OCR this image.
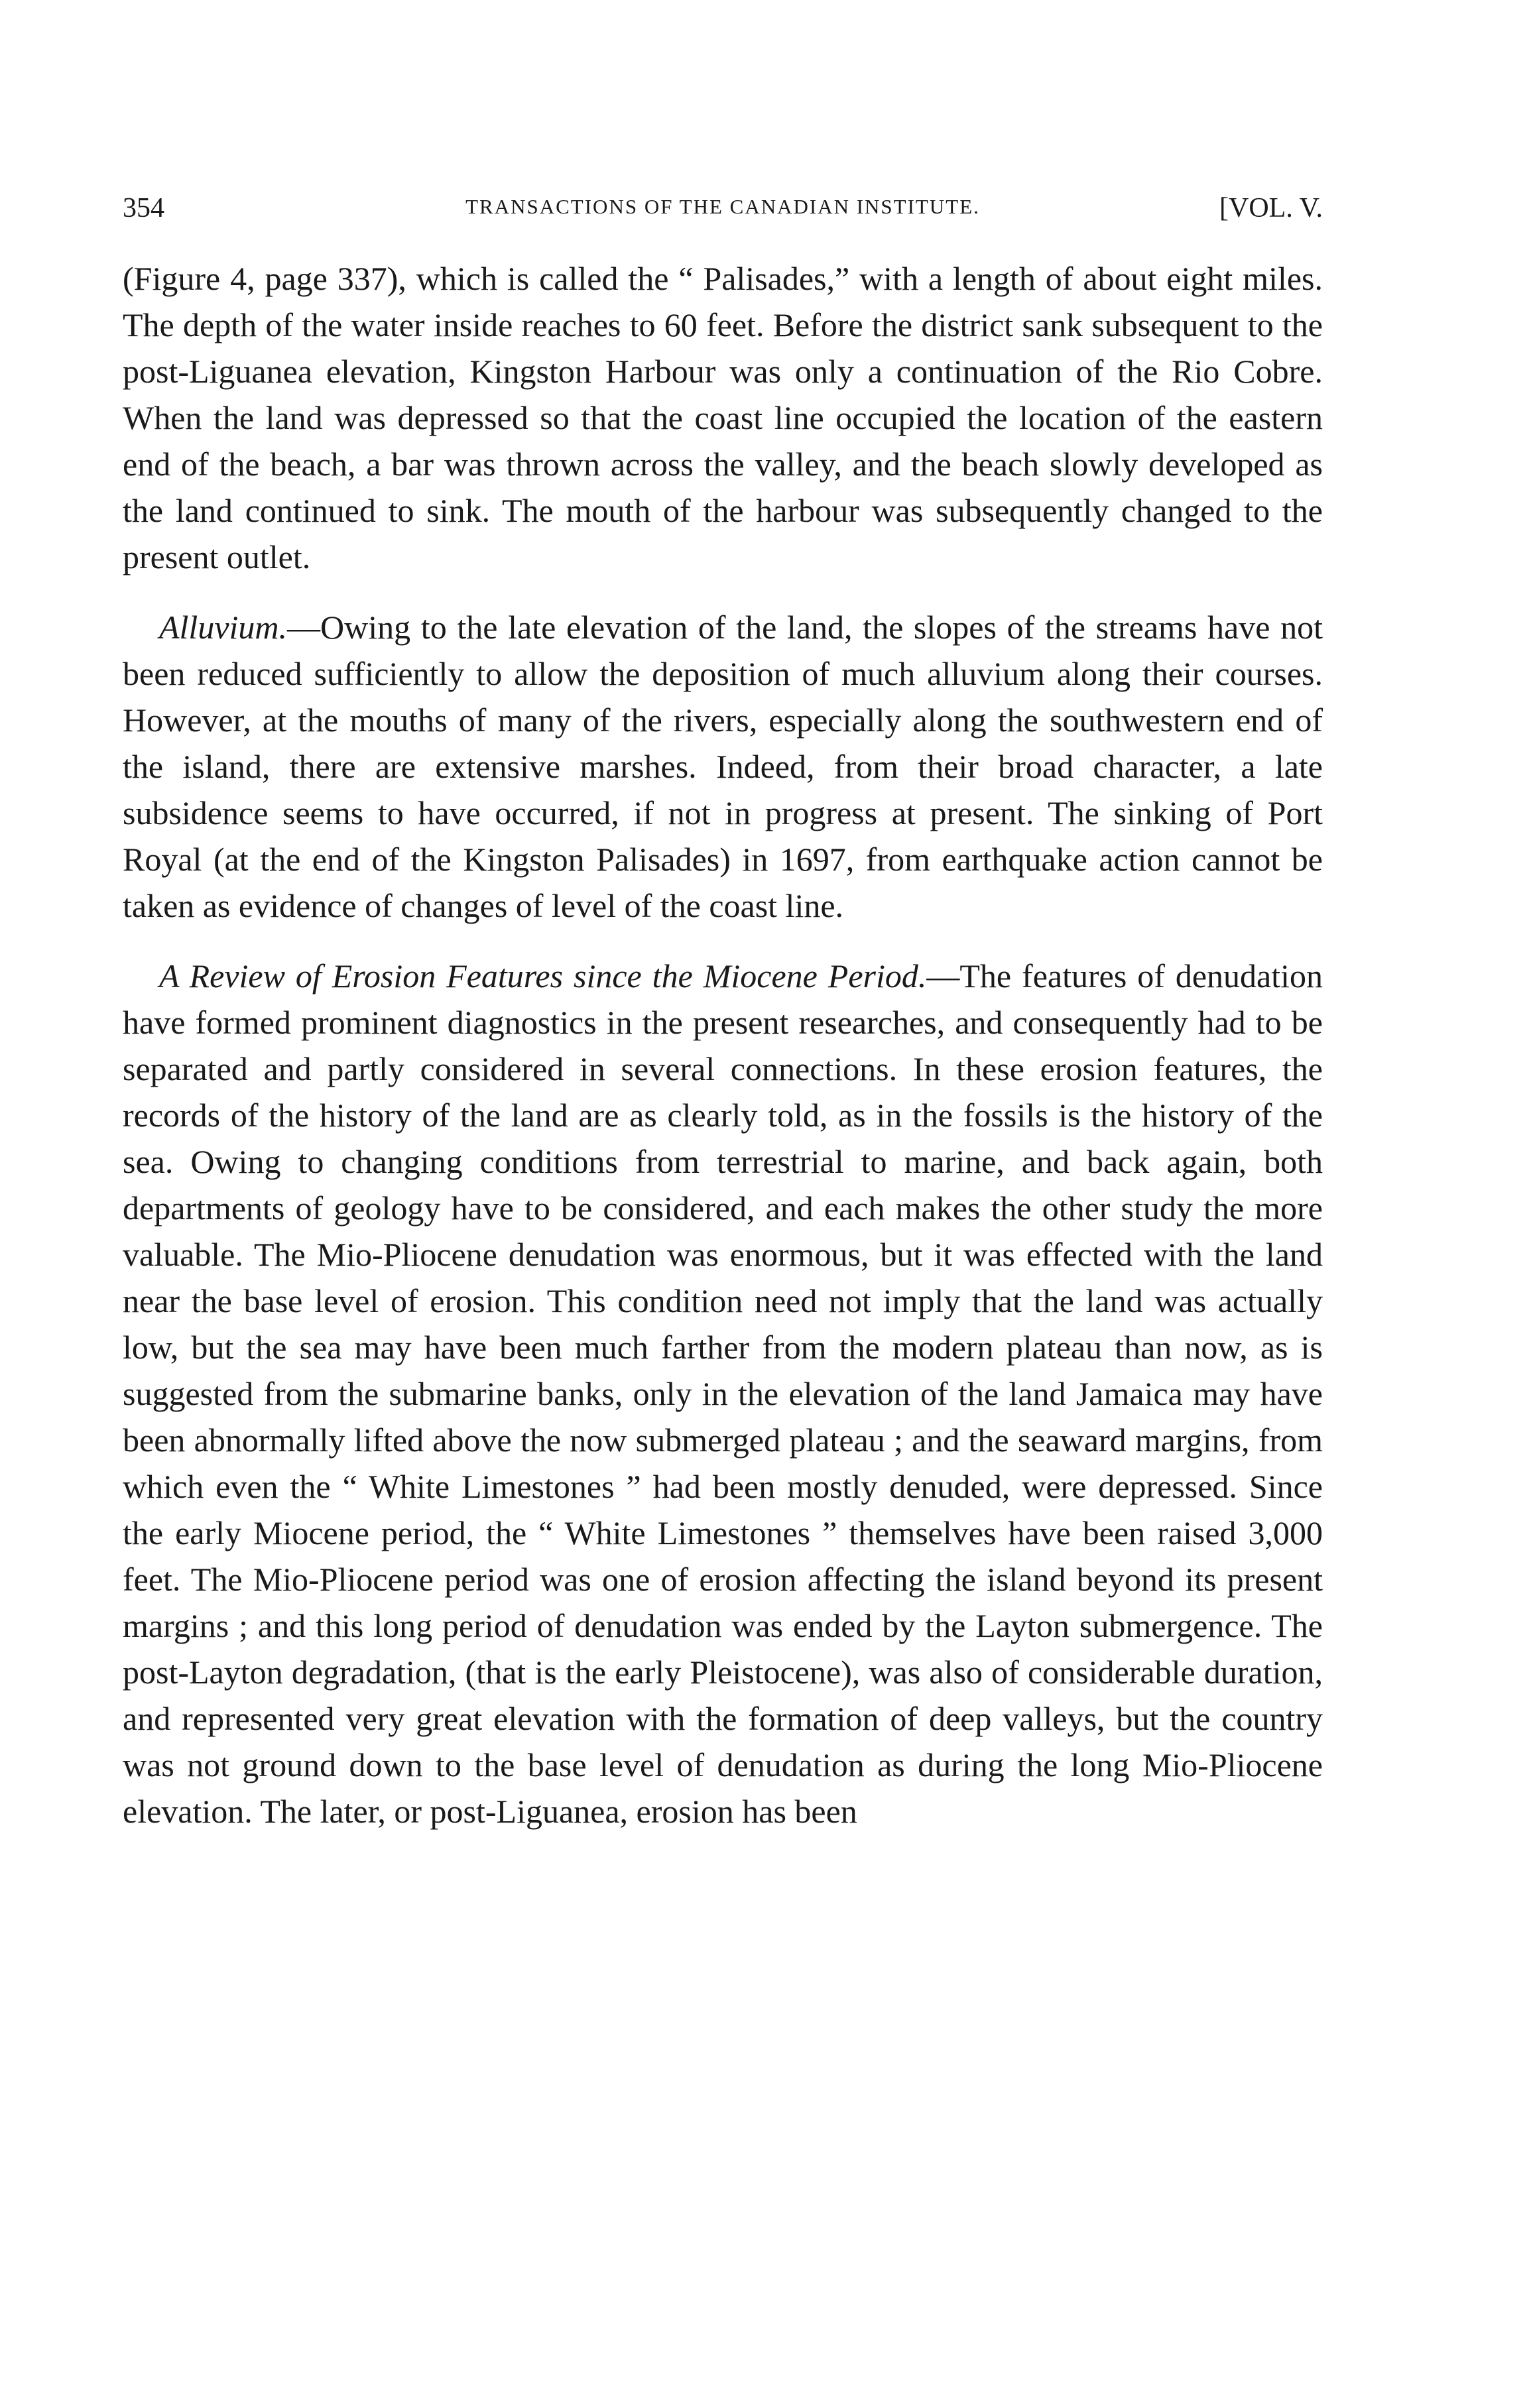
354	TRANSACTIONS OF THE CANADIAN INSTITUTE.	[VOL. V.

(Figure 4, page 337), which is called the “ Palisades,” with a length of about eight miles. The depth of the water inside reaches to 60 feet. Before the district sank subsequent to the post-Liguanea elevation, Kingston Harbour was only a continuation of the Rio Cobre. When the land was depressed so that the coast line occupied the location of the eastern end of the beach, a bar was thrown across the valley, and the beach slowly developed as the land continued to sink. The mouth of the harbour was subsequently changed to the present outlet.

Alluvium.—Owing to the late elevation of the land, the slopes of the streams have not been reduced sufficiently to allow the deposition of much alluvium along their courses. However, at the mouths of many of the rivers, especially along the southwestern end of the island, there are extensive marshes. Indeed, from their broad character, a late subsidence seems to have occurred, if not in progress at present. The sinking of Port Royal (at the end of the Kingston Palisades) in 1697, from earthquake action cannot be taken as evidence of changes of level of the coast line.

A Review of Erosion Features since the Miocene Period.—The features of denudation have formed prominent diagnostics in the present researches, and consequently had to be separated and partly considered in several connections. In these erosion features, the records of the history of the land are as clearly told, as in the fossils is the history of the sea. Owing to changing conditions from terrestrial to marine, and back again, both departments of geology have to be considered, and each makes the other study the more valuable. The Mio-Pliocene denudation was enormous, but it was effected with the land near the base level of erosion. This condition need not imply that the land was actually low, but the sea may have been much farther from the modern plateau than now, as is suggested from the submarine banks, only in the elevation of the land Jamaica may have been abnormally lifted above the now submerged plateau ; and the seaward margins, from which even the “ White Limestones ” had been mostly denuded, were depressed. Since the early Miocene period, the “ White Limestones ” themselves have been raised 3,000 feet. The Mio-Pliocene period was one of erosion affecting the island beyond its present margins ; and this long period of denudation was ended by the Layton submergence. The post-Layton degradation, (that is the early Pleistocene), was also of considerable duration, and represented very great elevation with the formation of deep valleys, but the country was not ground down to the base level of denudation as during the long Mio-Pliocene elevation. The later, or post-Liguanea, erosion has been
